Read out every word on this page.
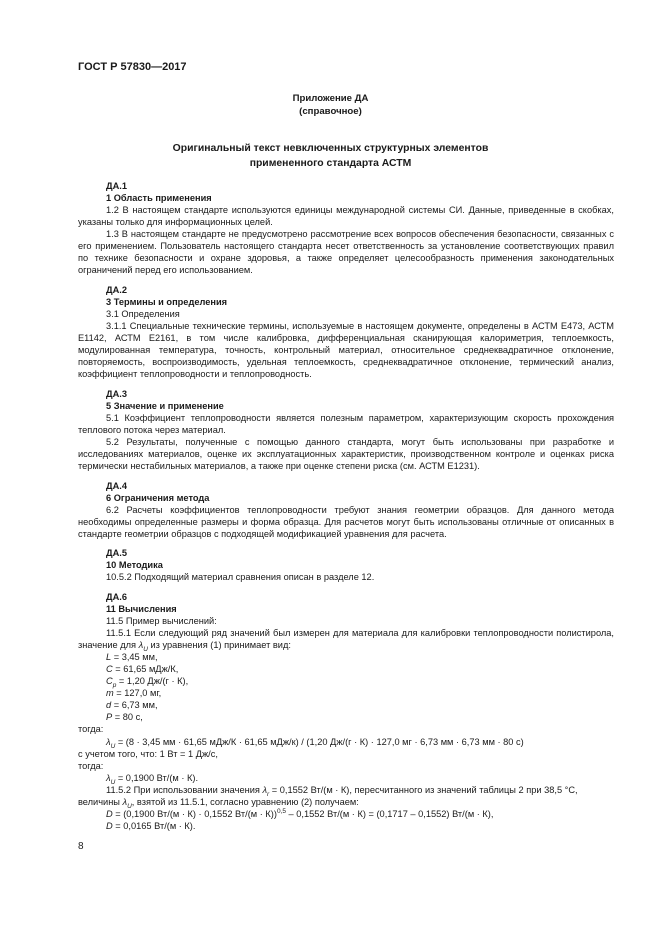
ГОСТ Р 57830—2017
Приложение ДА
(справочное)
Оригинальный текст невключенных структурных элементов
примененного стандарта АСТМ

ДА.1

1 Область применения

1.2 В настоящем стандарте используются единицы международной системы СИ. Данные, приведенные в скобках, указаны только для информационных целей.

1.3 В настоящем стандарте не предусмотрено рассмотрение всех вопросов обеспечения безопасности, связанных с его применением. Пользователь настоящего стандарта несет ответственность за установление соответствующих правил по технике безопасности и охране здоровья, а также определяет целесообразность применения законодательных ограничений перед его использованием.

ДА.2

3 Термины и определения

3.1 Определения

3.1.1 Специальные технические термины, используемые в настоящем документе, определены в АСТМ Е473, АСТМ Е1142, АСТМ Е2161, в том числе калибровка, дифференциальная сканирующая калориметрия, теплоемкость, модулированная температура, точность, контрольный материал, относительное среднеквадратичное отклонение, повторяемость, воспроизводимость, удельная теплоемкость, среднеквадратичное отклонение, термический анализ, коэффициент теплопроводности и теплопроводность.

ДА.3

5 Значение и применение

5.1 Коэффициент теплопроводности является полезным параметром, характеризующим скорость прохождения теплового потока через материал.

5.2 Результаты, полученные с помощью данного стандарта, могут быть использованы при разработке и исследованиях материалов, оценке их эксплуатационных характеристик, производственном контроле и оценках риска термически нестабильных материалов, а также при оценке степени риска (см. АСТМ Е1231).

ДА.4

6 Ограничения метода

6.2 Расчеты коэффициентов теплопроводности требуют знания геометрии образцов. Для данного метода необходимы определенные размеры и форма образца. Для расчетов могут быть использованы отличные от описанных в стандарте геометрии образцов с подходящей модификацией уравнения для расчета.

ДА.5

10 Методика

10.5.2 Подходящий материал сравнения описан в разделе 12.

ДА.6

11 Вычисления

11.5 Пример вычислений:

11.5.1 Если следующий ряд значений был измерен для материала для калибровки теплопроводности полистирола, значение для $\lambda_U$ из уравнения (1) принимает вид:

L = 3,45 мм,

C = 61,65 мДж/К,

$C_p = 1,20$ Дж/(г · К),

m = 127,0 мг,

d = 6,73 мм,

P = 80 с,

тогда:

$\lambda_U = (8 \cdot 3,45$ мм · 61,65 мДж/К · 61,65 мДж/к) / (1,20 Дж/(г · К) · 127,0 мг · 6,73 мм · 6,73 мм · 80 с)

с учетом того, что: 1 Вт = 1 Дж/с,

тогда:

$\lambda_U = 0,1900$ Вт/(м · К).

11.5.2 При использовании значения $\lambda_r = 0,1552$ Вт/(м · К), пересчитанного из значений таблицы 2 при 38,5 °C,

величины $\lambda_U$, взятой из 11.5.1, согласно уравнению (2) получаем:

D = (0,1900 Вт/(м · К) · 0,1552 Вт/(м · К))$^{0,5}$ – 0,1552 Вт/(м · К) = (0,1717 – 0,1552) Вт/(м · К),

D = 0,0165 Вт/(м · К).

8
